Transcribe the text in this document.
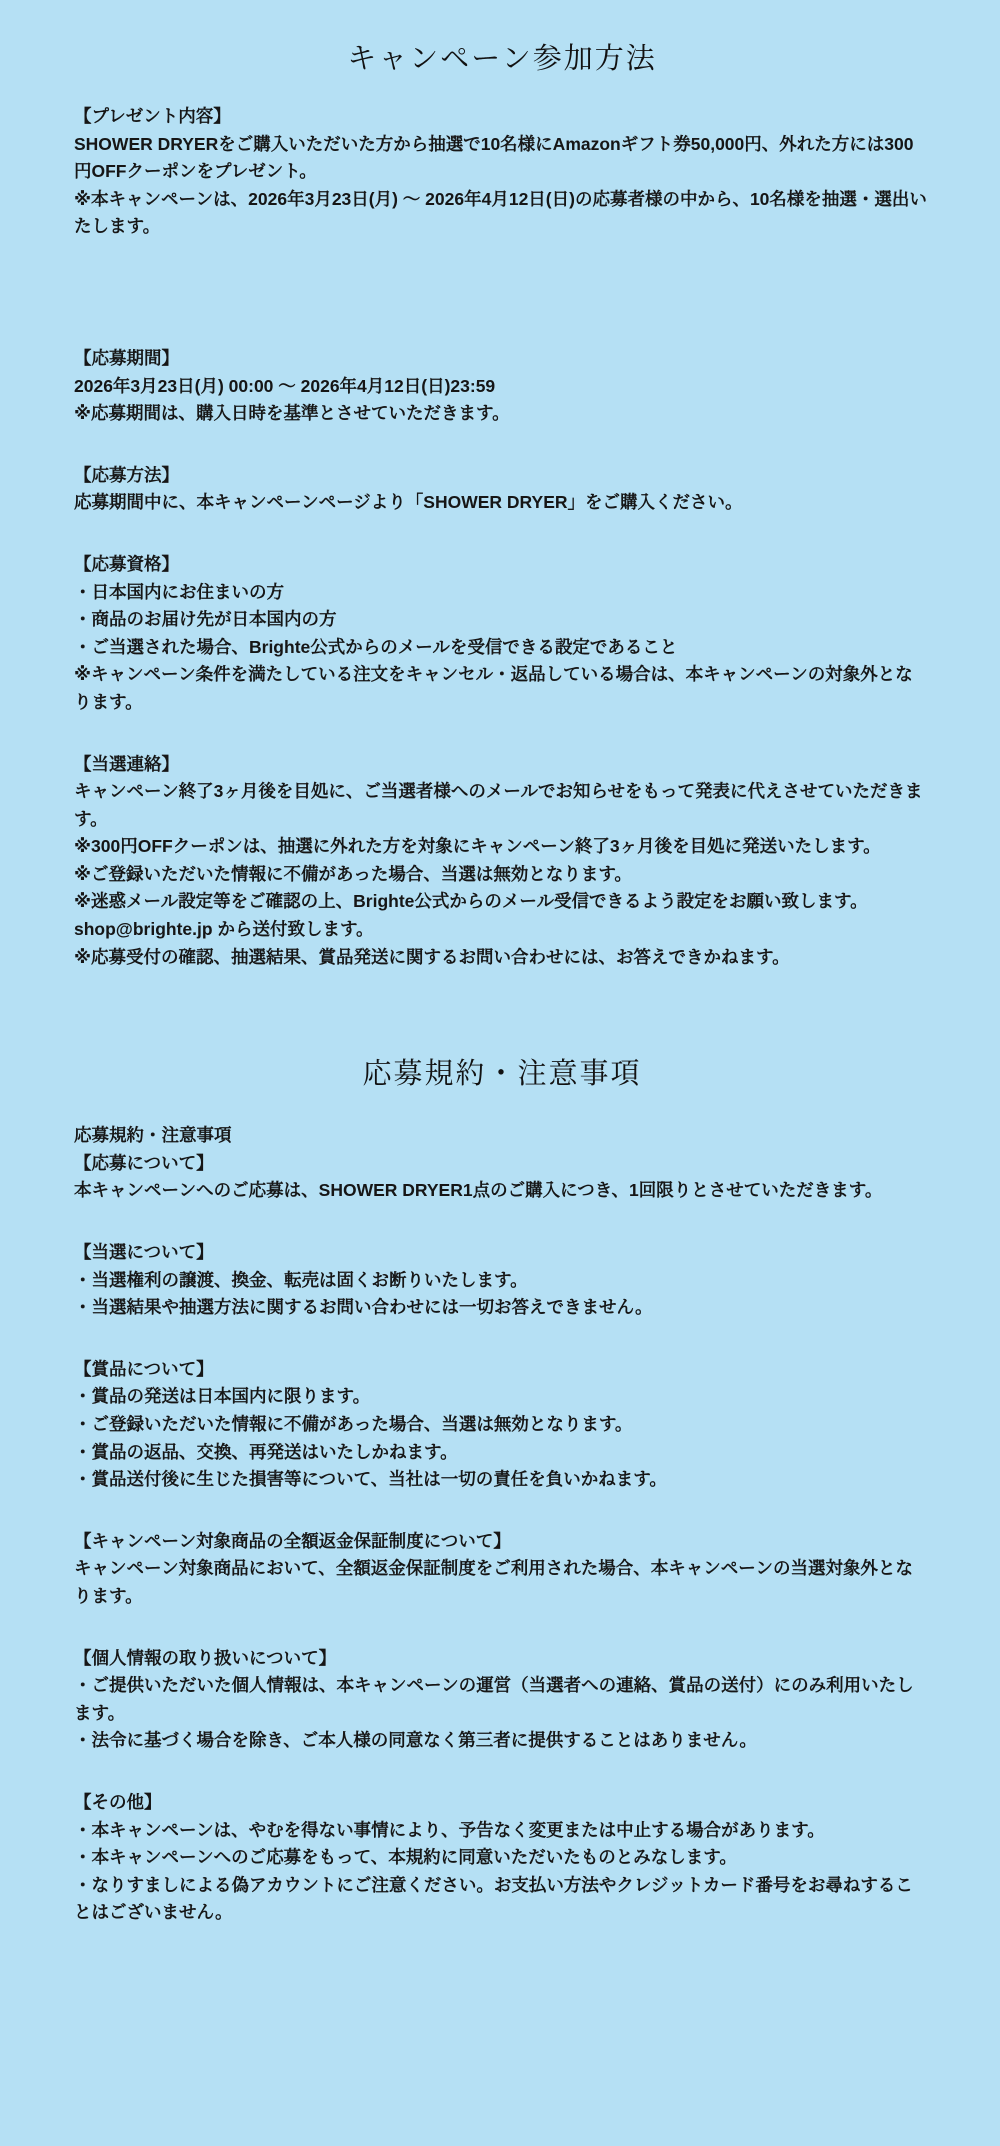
キャンペーン参加方法

【プレゼント内容】

SHOWER DRYERをご購入いただいた方から抽選で10名様にAmazonギフト券50,000円、外れた方には300円OFFクーポンをプレゼント。

※本キャンペーンは、2026年3月23日(月) ～ 2026年4月12日(日)の応募者様の中から、10名様を抽選・選出いたします。

【応募期間】

2026年3月23日(月) 00:00 ～ 2026年4月12日(日)23:59

※応募期間は、購入日時を基準とさせていただきます。

【応募方法】

応募期間中に、本キャンペーンページより「SHOWER DRYER」をご購入ください。

【応募資格】

・日本国内にお住まいの方

・商品のお届け先が日本国内の方

・ご当選された場合、Brighte公式からのメールを受信できる設定であること

※キャンペーン条件を満たしている注文をキャンセル・返品している場合は、本キャンペーンの対象外となります。

【当選連絡】

キャンペーン終了3ヶ月後を目処に、ご当選者様へのメールでお知らせをもって発表に代えさせていただきます。

※300円OFFクーポンは、抽選に外れた方を対象にキャンペーン終了3ヶ月後を目処に発送いたします。

※ご登録いただいた情報に不備があった場合、当選は無効となります。

※迷惑メール設定等をご確認の上、Brighte公式からのメール受信できるよう設定をお願い致します。shop@brighte.jp から送付致します。

※応募受付の確認、抽選結果、賞品発送に関するお問い合わせには、お答えできかねます。

応募規約・注意事項

応募規約・注意事項

【応募について】

本キャンペーンへのご応募は、SHOWER DRYER1点のご購入につき、1回限りとさせていただきます。

【当選について】

・当選権利の譲渡、換金、転売は固くお断りいたします。

・当選結果や抽選方法に関するお問い合わせには一切お答えできません。

【賞品について】

・賞品の発送は日本国内に限ります。

・ご登録いただいた情報に不備があった場合、当選は無効となります。

・賞品の返品、交換、再発送はいたしかねます。

・賞品送付後に生じた損害等について、当社は一切の責任を負いかねます。

【キャンペーン対象商品の全額返金保証制度について】

キャンペーン対象商品において、全額返金保証制度をご利用された場合、本キャンペーンの当選対象外となります。

【個人情報の取り扱いについて】

・ご提供いただいた個人情報は、本キャンペーンの運営（当選者への連絡、賞品の送付）にのみ利用いたします。

・法令に基づく場合を除き、ご本人様の同意なく第三者に提供することはありません。

【その他】

・本キャンペーンは、やむを得ない事情により、予告なく変更または中止する場合があります。

・本キャンペーンへのご応募をもって、本規約に同意いただいたものとみなします。

・なりすましによる偽アカウントにご注意ください。お支払い方法やクレジットカード番号をお尋ねすることはございません。
